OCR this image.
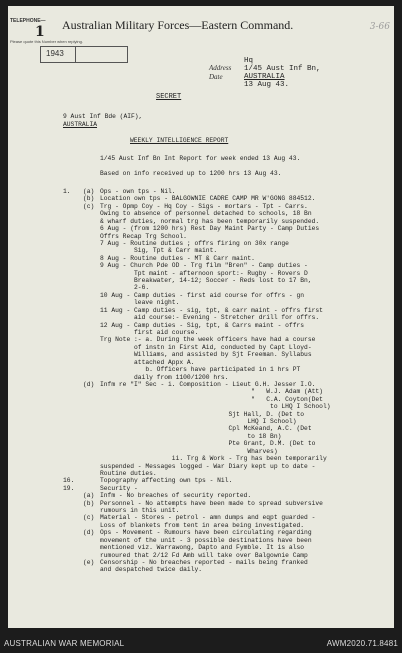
3-66
TELEPHONE—
1 Australian Military Forces—Eastern Command.
Please quote this Number when replying.
1943
Address
Date
Hq
1/45 Aust Inf Bn,
AUSTRALIA
13 Aug 43.
SECRET
9 Aust Inf Bde (AIF),
AUSTRALIA
WEEKLY INTELLIGENCE REPORT
1/45 Aust Inf Bn Int Report for week ended 13 Aug 43.
Based on info received up to 1200 hrs 13 Aug 43.
1. (a) Ops - own tps - Nil.
(b) Location own tps - BALGOWNIE CADRE CAMP MR W'GONG 884512.
(c) Trg - Opmp Coy - Hq Coy - Sigs - mortars - Tpt - Carrs.
Owing to absence of personnel detached to schools, 18 Bn
& wharf duties, normal trg has been temporarily suspended.
6 Aug - (from 1200 hrs) Rest Day Maint Party - Camp Duties
Offrs Recap Trg School.
7 Aug - Routine duties ; offrs firing on 30x range
Sig, Tpt & Carr maint.
8 Aug - Routine duties - MT & Carr maint.
9 Aug - Church Pde OD - Trg film "Bren" - Camp duties -
Tpt maint - afternoon sport:- Rugby - Rovers D
Breakwater, 14-12; Soccer - Reds lost to 17 Bn,
2-6.
10 Aug - Camp duties - first aid course for offrs - gn
leave night.
11 Aug - Camp duties - sig, tpt, & carr maint - offrs first
aid course:- Evening - Stretcher drill for offrs.
12 Aug - Camp duties - Sig, tpt, & Carrs maint - offrs
first aid course.
Trg Note :- a. During the week officers have had a course
of instn in First Aid, conducted by Capt Lloyd-
Williams, and assisted by Sjt Freeman. Syllabus
attached Appx A.
b. Officers have participated in 1 hrs PT
daily from 1100/1200 hrs.
(d) Infm re "I" Sec - i. Composition - Lieut G.H. Jesser I.O.
"   W.J. Adam (Att)
"   C.A. Coyton(Det
to LHQ I School)
Sjt Hall, D. (Det to
LHQ I School)
Cpl McKeand, A.C. (Det
to 18 Bn)
Pte Grant, D.M. (Det to
Wharves)
ii. Trg & Work - Trg has been temporarily
suspended - Messages logged - War Diary kept up to date -
Routine duties.
16.	Topography affecting own tps - Nil.
19.	Security -
(a) Infm - No breaches of security reported.
(b) Personnel - No attempts have been made to spread subversive
rumours in this unit.
(c) Material - Stores - petrol - amn dumps and eqpt guarded -
Loss of blankets from tent in area being investigated.
(d) Ops - Movement - Rumours have been circulating regarding
movement of the unit - 3 possible destinations have been
mentioned viz. Warrawong, Dapto and Fymble. It is also
rumoured that 2/12 Fd Amb will take over Balgownie Camp
(e) Censorship - No breaches reported - mails being franked
and despatched twice daily.
AUSTRALIAN WAR MEMORIAL	AWM2020.71.8481
